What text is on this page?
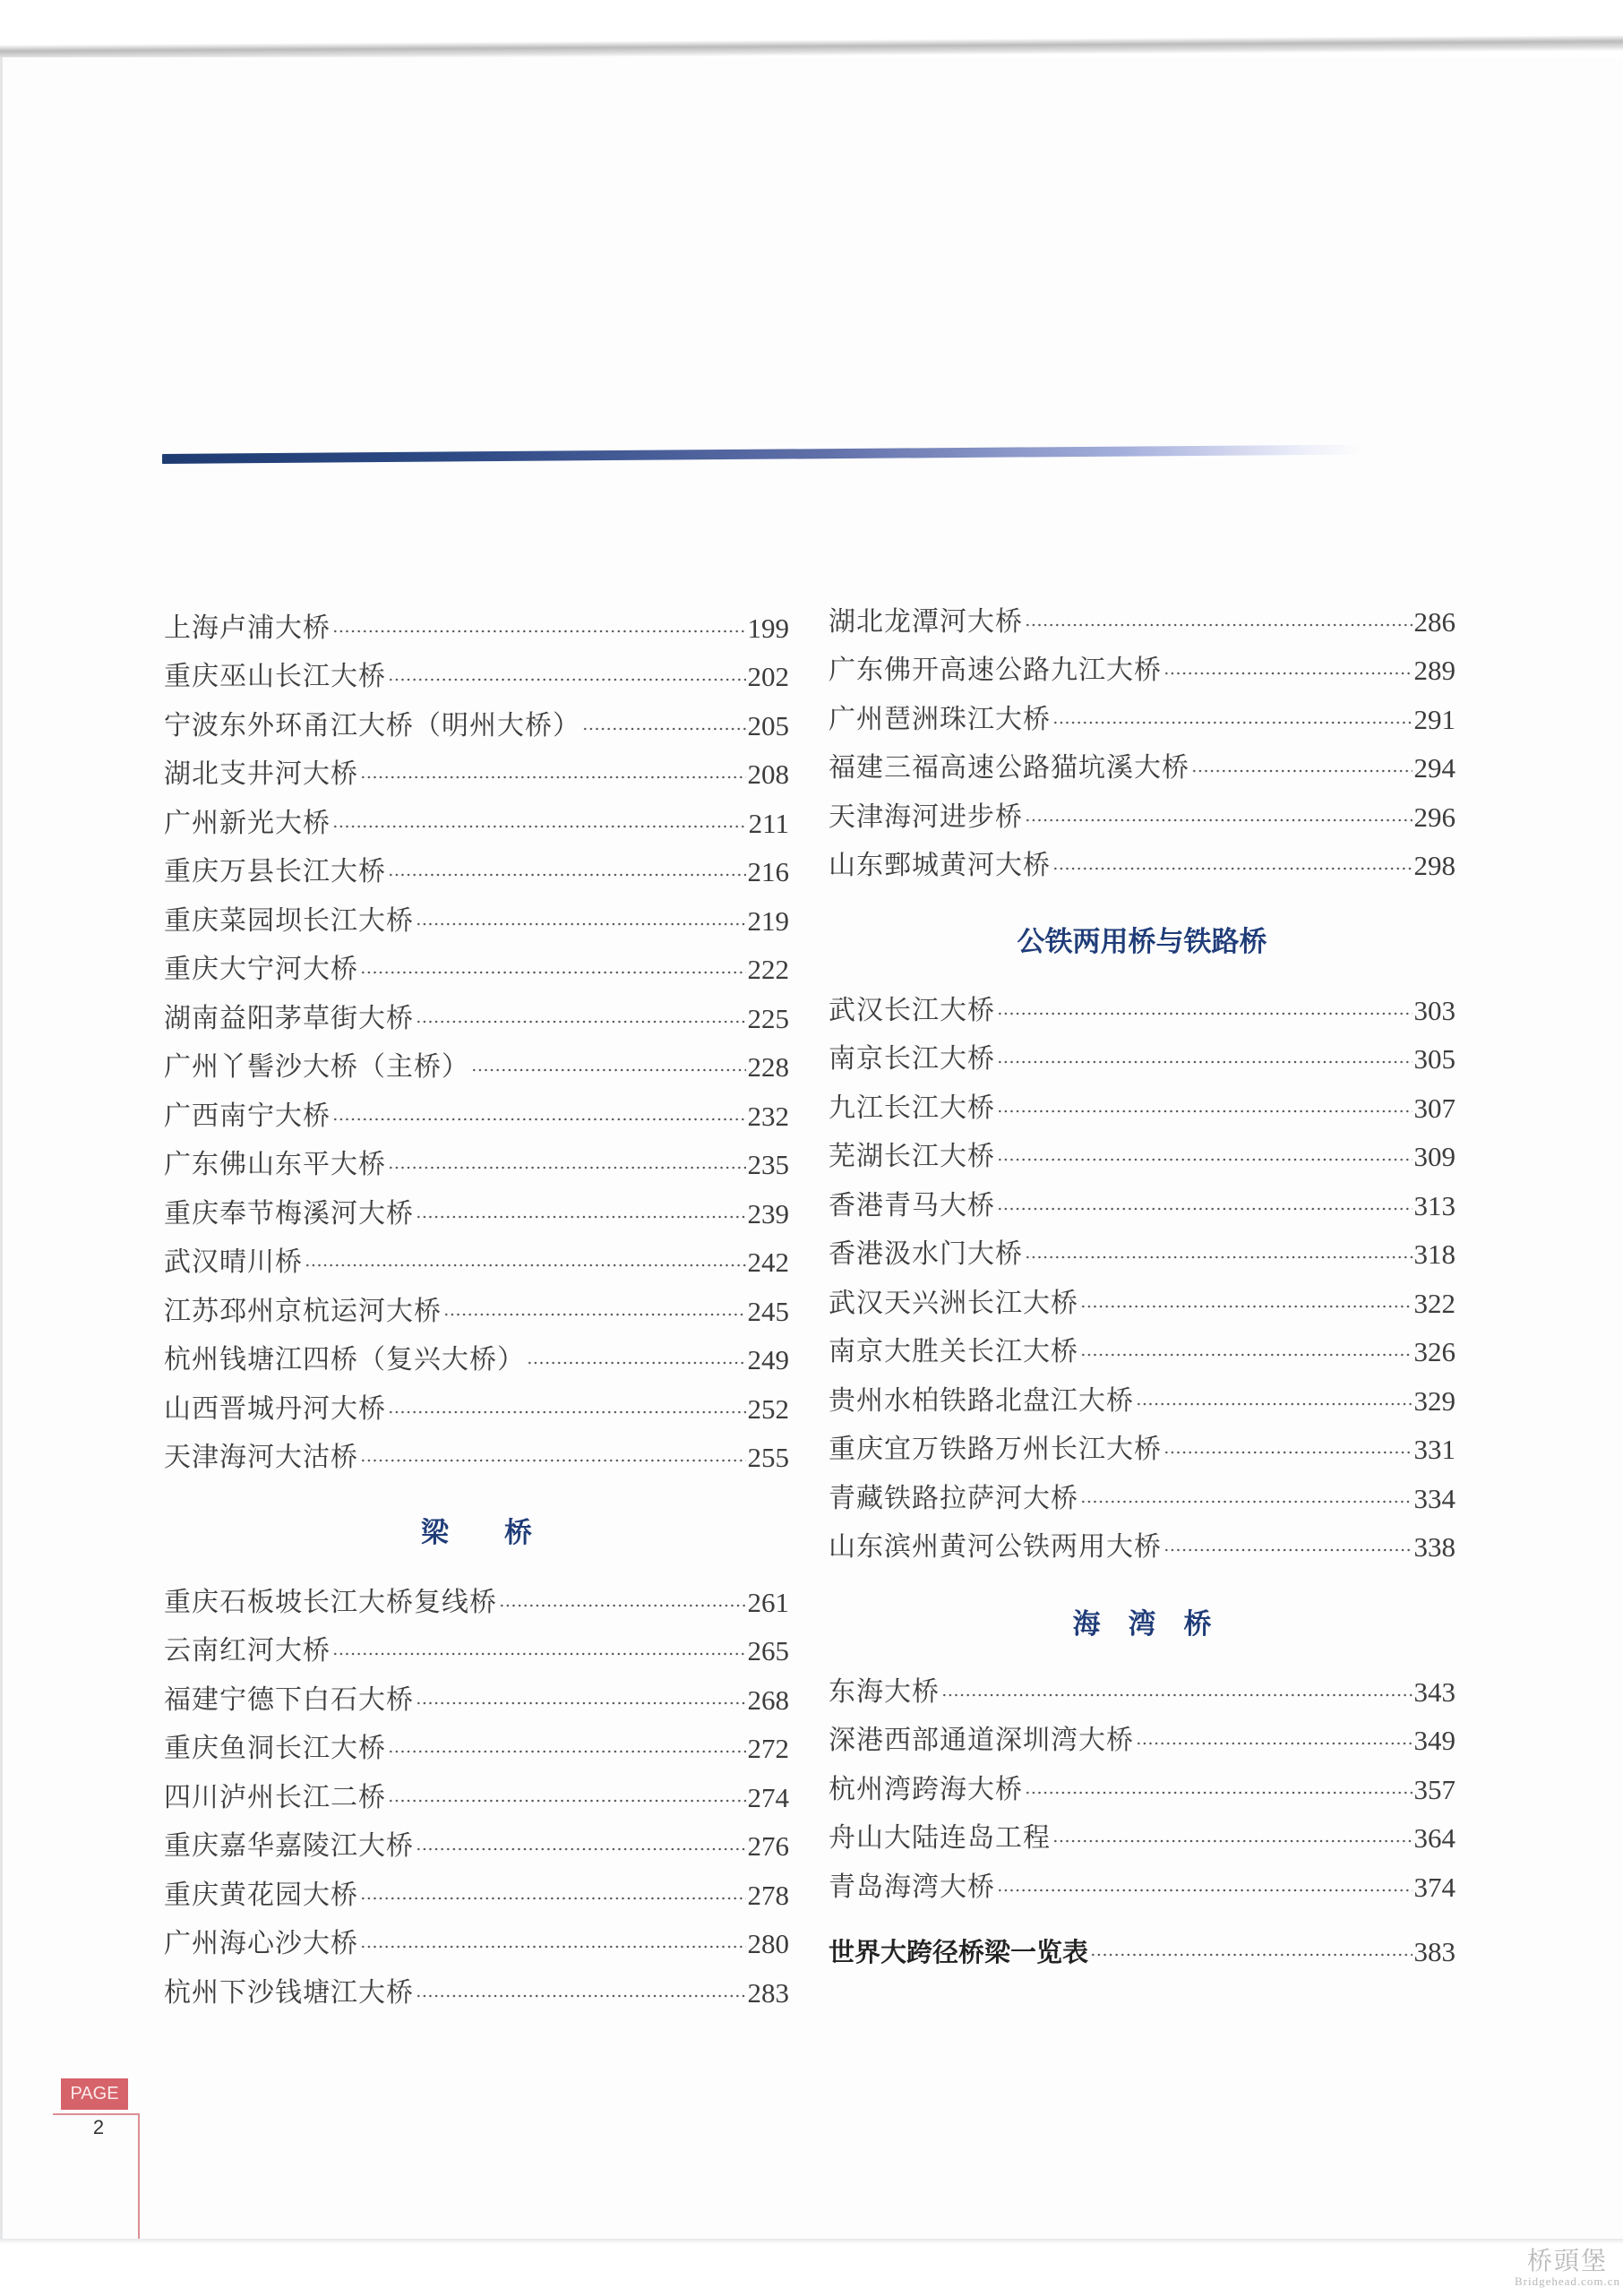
上海卢浦大桥	199
重庆巫山长江大桥	202
宁波东外环甬江大桥（明州大桥）	205
湖北支井河大桥	208
广州新光大桥	211
重庆万县长江大桥	216
重庆菜园坝长江大桥	219
重庆大宁河大桥	222
湖南益阳茅草街大桥	225
广州丫髻沙大桥（主桥）	228
广西南宁大桥	232
广东佛山东平大桥	235
重庆奉节梅溪河大桥	239
武汉晴川桥	242
江苏邳州京杭运河大桥	245
杭州钱塘江四桥（复兴大桥）	249
山西晋城丹河大桥	252
天津海河大沽桥	255
梁　　桥
重庆石板坡长江大桥复线桥	261
云南红河大桥	265
福建宁德下白石大桥	268
重庆鱼洞长江大桥	272
四川泸州长江二桥	274
重庆嘉华嘉陵江大桥	276
重庆黄花园大桥	278
广州海心沙大桥	280
杭州下沙钱塘江大桥	283
湖北龙潭河大桥	286
广东佛开高速公路九江大桥	289
广州琶洲珠江大桥	291
福建三福高速公路猫坑溪大桥	294
天津海河进步桥	296
山东鄄城黄河大桥	298
公铁两用桥与铁路桥
武汉长江大桥	303
南京长江大桥	305
九江长江大桥	307
芜湖长江大桥	309
香港青马大桥	313
香港汲水门大桥	318
武汉天兴洲长江大桥	322
南京大胜关长江大桥	326
贵州水柏铁路北盘江大桥	329
重庆宜万铁路万州长江大桥	331
青藏铁路拉萨河大桥	334
山东滨州黄河公铁两用大桥	338
海　湾　桥
东海大桥	343
深港西部通道深圳湾大桥	349
杭州湾跨海大桥	357
舟山大陆连岛工程	364
青岛海湾大桥	374
世界大跨径桥梁一览表	383
PAGE
2
桥頭堡
Bridgehead.com.cn
